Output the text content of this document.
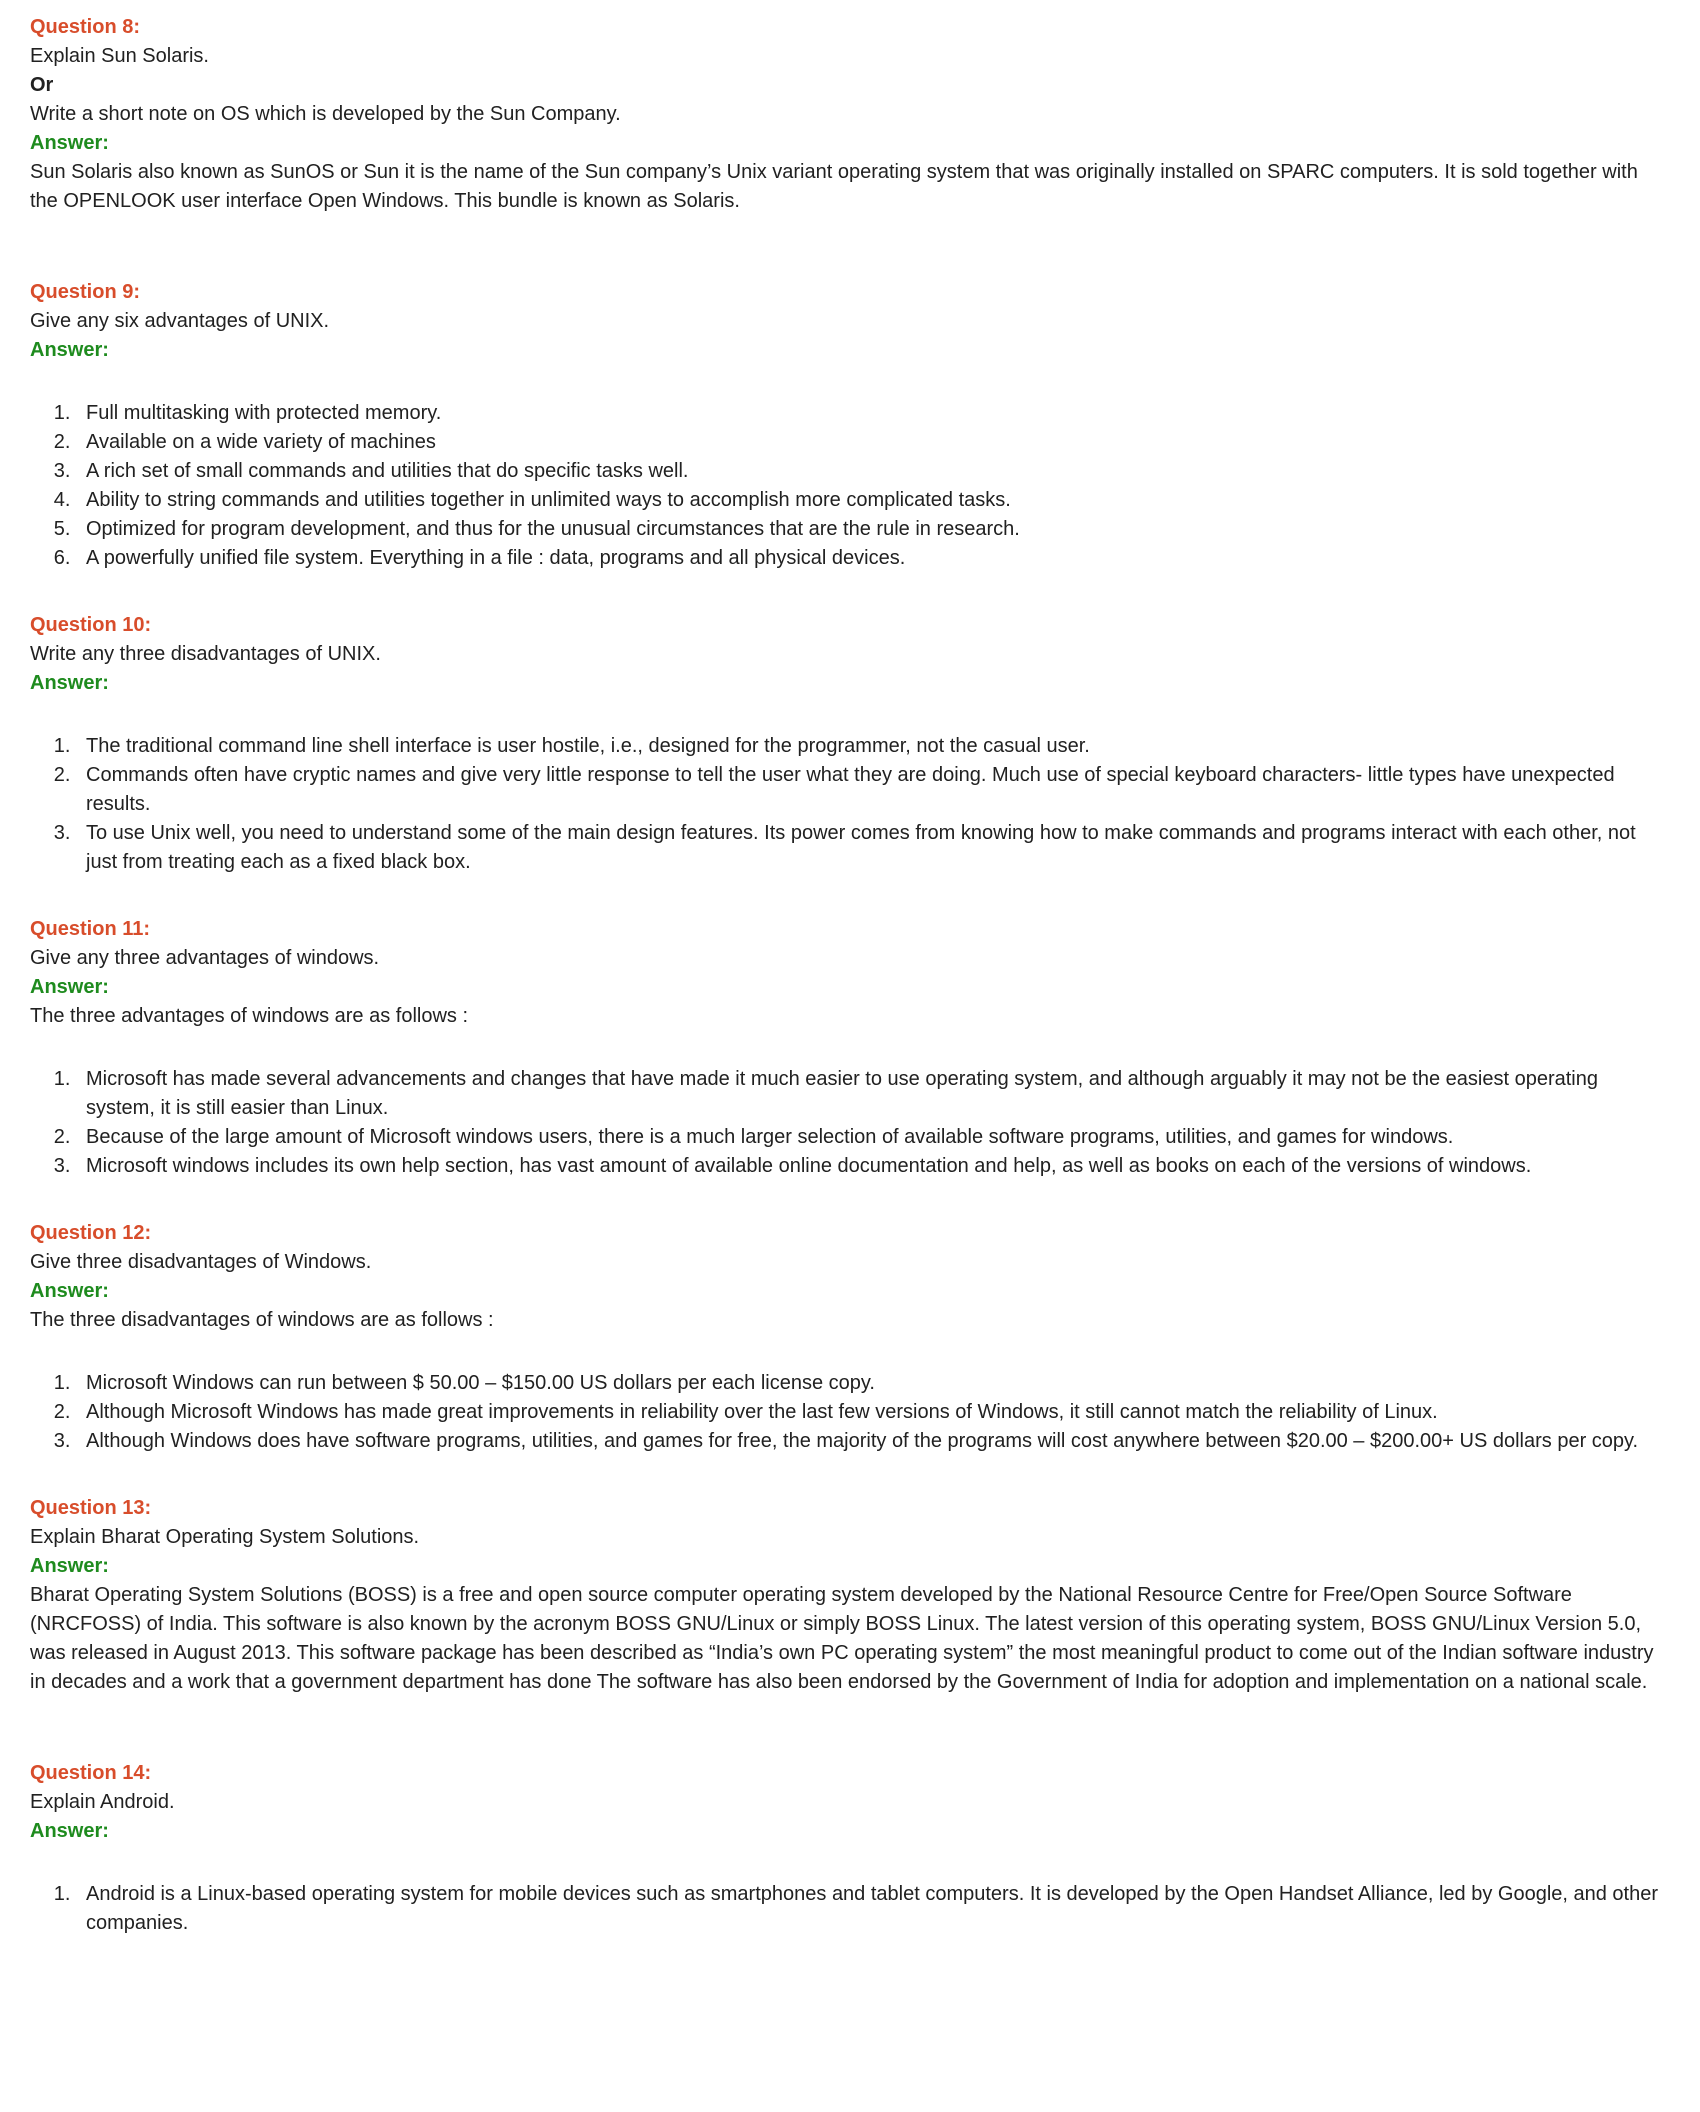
Question 8:

Explain Sun Solaris.

Or

Write a short note on OS which is developed by the Sun Company.

Answer:

Sun Solaris also known as SunOS or Sun it is the name of the Sun company’s Unix variant operating system that was originally installed on SPARC computers. It is sold together with the OPENLOOK user interface Open Windows. This bundle is known as Solaris.

Question 9:

Give any six advantages of UNIX.

Answer:

1. Full multitasking with protected memory.
2. Available on a wide variety of machines
3. A rich set of small commands and utilities that do specific tasks well.
4. Ability to string commands and utilities together in unlimited ways to accomplish more complicated tasks.
5. Optimized for program development, and thus for the unusual circumstances that are the rule in research.
6. A powerfully unified file system. Everything in a file : data, programs and all physical devices.
Question 10:

Write any three disadvantages of UNIX.

Answer:

1. The traditional command line shell interface is user hostile, i.e., designed for the programmer, not the casual user.
2. Commands often have cryptic names and give very little response to tell the user what they are doing. Much use of special keyboard characters- little types have unexpected results.
3. To use Unix well, you need to understand some of the main design features. Its power comes from knowing how to make commands and programs interact with each other, not just from treating each as a fixed black box.
Question 11:

Give any three advantages of windows.

Answer:

The three advantages of windows are as follows :

1. Microsoft has made several advancements and changes that have made it much easier to use operating system, and although arguably it may not be the easiest operating system, it is still easier than Linux.
2. Because of the large amount of Microsoft windows users, there is a much larger selection of available software programs, utilities, and games for windows.
3. Microsoft windows includes its own help section, has vast amount of available online documentation and help, as well as books on each of the versions of windows.
Question 12:

Give three disadvantages of Windows.

Answer:

The three disadvantages of windows are as follows :

1. Microsoft Windows can run between $ 50.00 – $150.00 US dollars per each license copy.
2. Although Microsoft Windows has made great improvements in reliability over the last few versions of Windows, it still cannot match the reliability of Linux.
3. Although Windows does have software programs, utilities, and games for free, the majority of the programs will cost anywhere between $20.00 – $200.00+ US dollars per copy.
Question 13:

Explain Bharat Operating System Solutions.

Answer:

Bharat Operating System Solutions (BOSS) is a free and open source computer operating system developed by the National Resource Centre for Free/Open Source Software (NRCFOSS) of India. This software is also known by the acronym BOSS GNU/Linux or simply BOSS Linux. The latest version of this operating system, BOSS GNU/Linux Version 5.0, was released in August 2013. This software package has been described as “India’s own PC operating system” the most meaningful product to come out of the Indian software industry in decades and a work that a government department has done The software has also been endorsed by the Government of India for adoption and implementation on a national scale.

Question 14:

Explain Android.

Answer:

1. Android is a Linux-based operating system for mobile devices such as smartphones and tablet computers. It is developed by the Open Handset Alliance, led by Google, and other companies.
